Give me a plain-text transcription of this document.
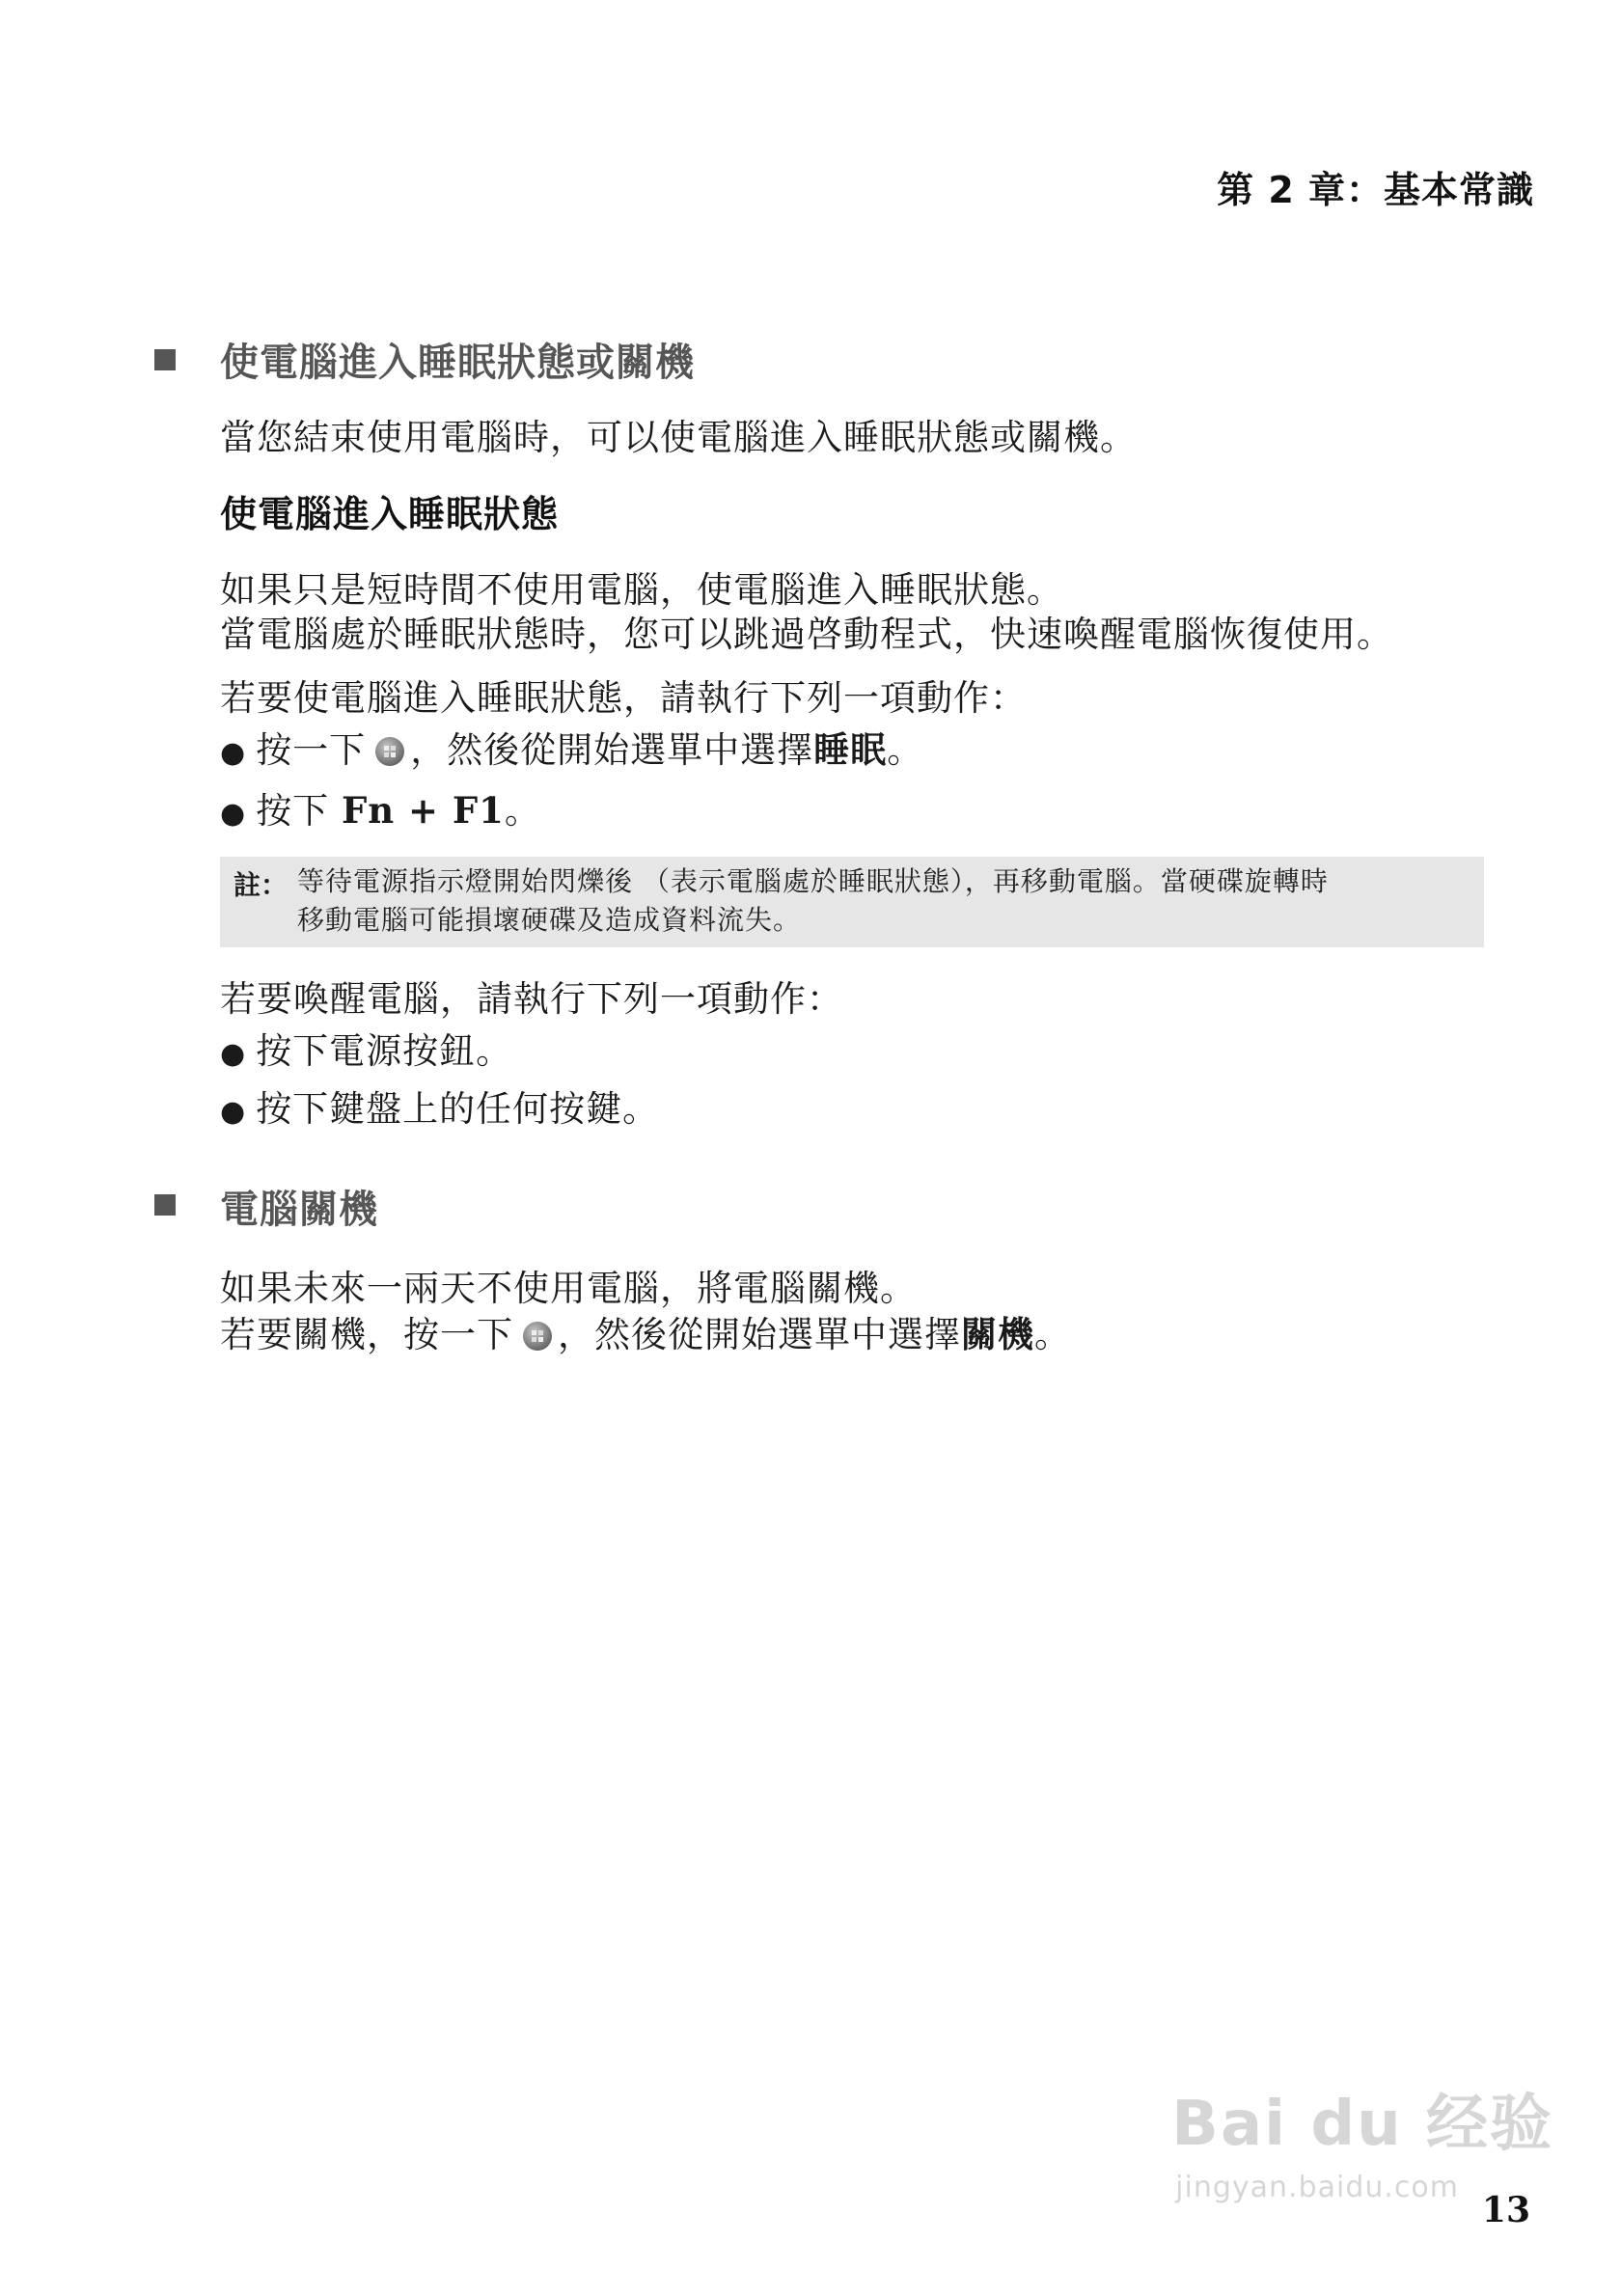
第 2 章：基本常識
使電腦進入睡眠狀態或關機
當您結束使用電腦時，可以使電腦進入睡眠狀態或關機。
使電腦進入睡眠狀態
如果只是短時間不使用電腦，使電腦進入睡眠狀態。
當電腦處於睡眠狀態時，您可以跳過啓動程式，快速喚醒電腦恢復使用。
若要使電腦進入睡眠狀態，請執行下列一項動作：
● 按一下 ，然後從開始選單中選擇睡眠。
● 按下 Fn + F1。
註： 等待電源指示燈開始閃爍後 （表示電腦處於睡眠狀態），再移動電腦。當硬碟旋轉時
移動電腦可能損壞硬碟及造成資料流失。
若要喚醒電腦，請執行下列一項動作：
● 按下電源按鈕。
● 按下鍵盤上的任何按鍵。
電腦關機
如果未來一兩天不使用電腦，將電腦關機。
若要關機，按一下 ，然後從開始選單中選擇關機。
Bai du 经验
jingyan.baidu.com
13
